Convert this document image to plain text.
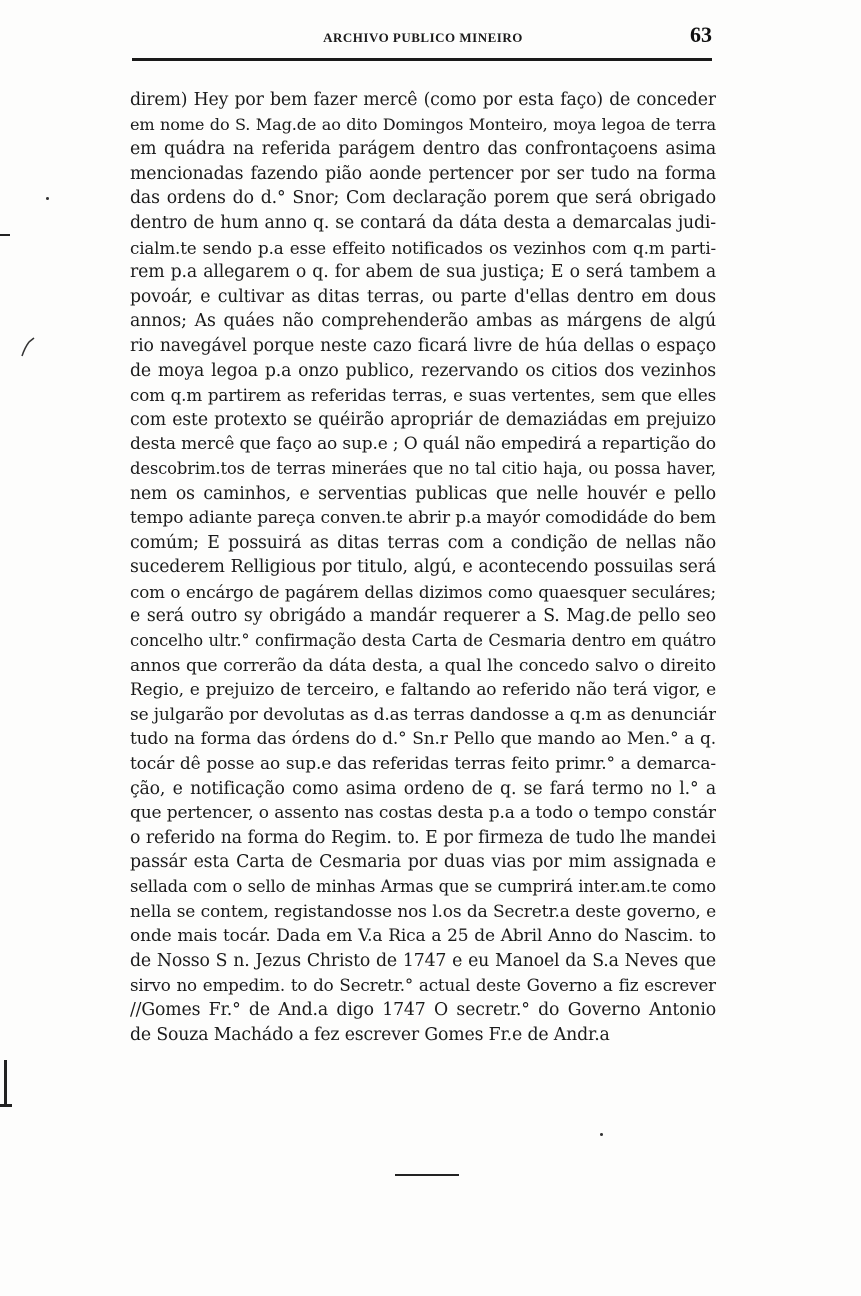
ARCHIVO PUBLICO MINEIRO	63
direm) Hey por bem fazer mercê (como por esta faço) de conceder
em nome do S. Mag.de ao dito Domingos Monteiro, moya legoa de terra
em quádra na referida parágem dentro das confrontaçoens asima
mencionadas fazendo pião aonde pertencer por ser tudo na forma
das ordens do d.° Snor; Com declaração porem que será obrigado
dentro de hum anno q. se contará da dáta desta a demarcalas judi-
cialm.te sendo p.a esse effeito notificados os vezinhos com q.m parti-
rem p.a allegarem o q. for abem de sua justiça; E o será tambem a
povoár, e cultivar as ditas terras, ou parte d'ellas dentro em dous
annos; As quáes não comprehenderão ambas as márgens de algú
rio navegável porque neste cazo ficará livre de húa dellas o espaço
de moya legoa p.a onzo publico, rezervando os citios dos vezinhos
com q.m partirem as referidas terras, e suas vertentes, sem que elles
com este protexto se quéirão apropriár de demaziádas em prejuizo
desta mercê que faço ao sup.e ; O quál não empedirá a repartição do
descobrim.tos de terras mineráes que no tal citio haja, ou possa haver,
nem os caminhos, e serventias publicas que nelle houvér e pello
tempo adiante pareça conven.te abrir p.a mayór comodidáde do bem
comúm; E possuirá as ditas terras com a condição de nellas não
sucederem Relligious por titulo, algú, e acontecendo possuilas será
com o encárgo de pagárem dellas dizimos como quaesquer seculáres;
e será outro sy obrigádo a mandár requerer a S. Mag.de pello seo
concelho ultr.° confirmação desta Carta de Cesmaria dentro em quátro
annos que correrão da dáta desta, a qual lhe concedo salvo o direito
Regio, e prejuizo de terceiro, e faltando ao referido não terá vigor, e
se julgarão por devolutas as d.as terras dandosse a q.m as denunciár
tudo na forma das órdens do d.° Sn.r Pello que mando ao Men.° a q.
tocár dê posse ao sup.e das referidas terras feito primr.° a demarca-
ção, e notificação como asima ordeno de q. se fará termo no l.° a
que pertencer, o assento nas costas desta p.a a todo o tempo constár
o referido na forma do Regim. to. E por firmeza de tudo lhe mandei
passár esta Carta de Cesmaria por duas vias por mim assignada e
sellada com o sello de minhas Armas que se cumprirá inter.am.te como
nella se contem, registandosse nos l.os da Secretr.a deste governo, e
onde mais tocár. Dada em V.a Rica a 25 de Abril Anno do Nascim. to
de Nosso S n. Jezus Christo de 1747 e eu Manoel da S.a Neves que
sirvo no empedim. to do Secretr.° actual deste Governo a fiz escrever
//Gomes Fr.° de And.a digo 1747 O secretr.° do Governo Antonio
de Souza Machádo a fez escrever Gomes Fr.e de Andr.a
